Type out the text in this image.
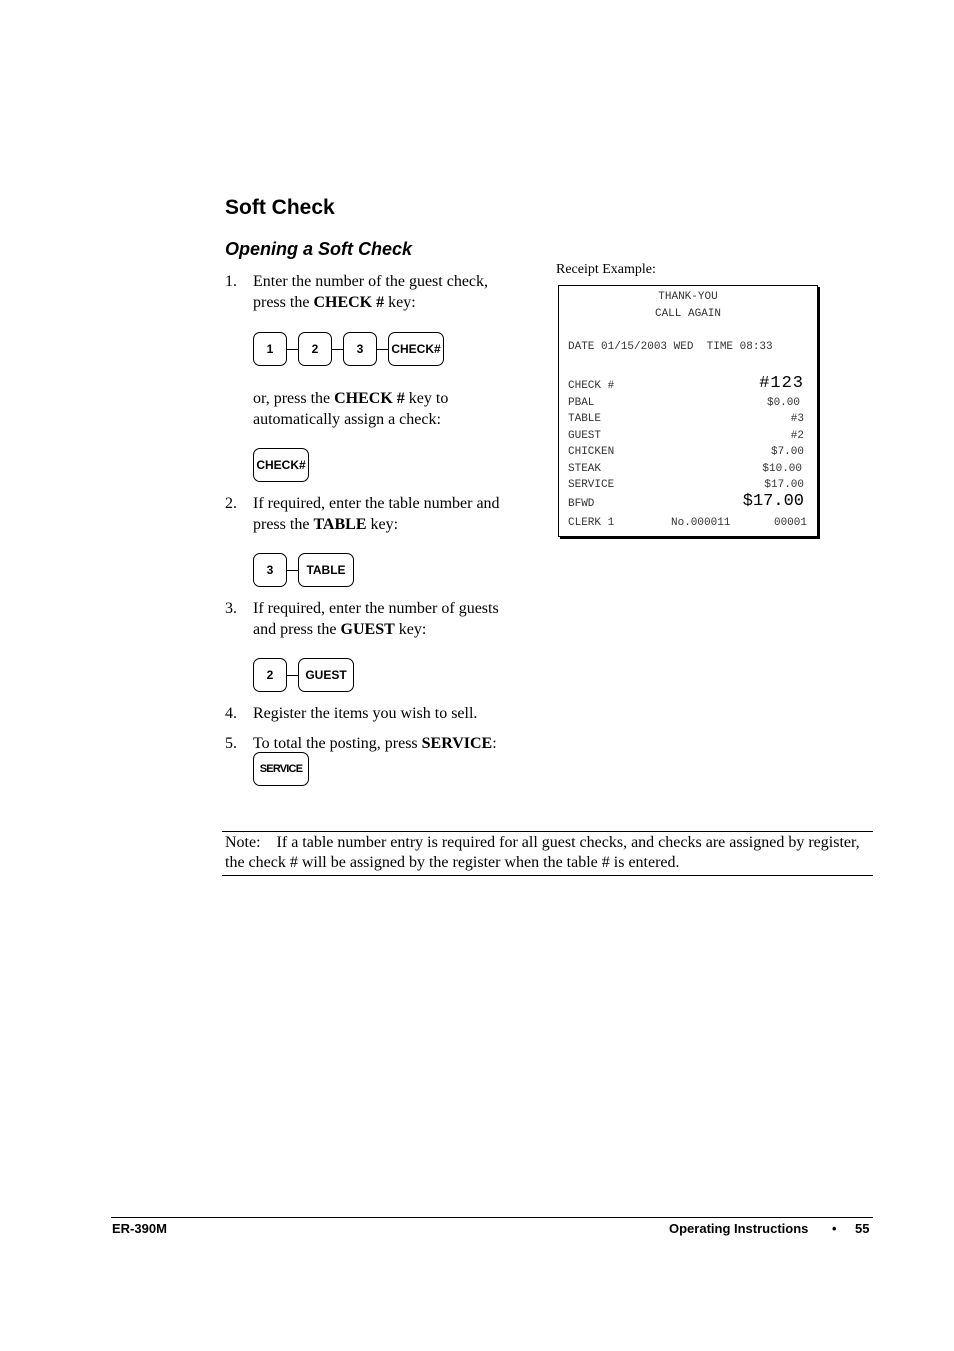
Soft Check
Opening a Soft Check
1. Enter the number of the guest check,
press the CHECK # key:
1	2	3	CHECK#
or, press the CHECK # key to
automatically assign a check:
CHECK#
2. If required, enter the table number and
press the TABLE key:
3	TABLE
3. If required, enter the number of guests
and press the GUEST key:
2	GUEST
4. Register the items you wish to sell.
5. To total the posting, press SERVICE:
SERVICE
Receipt Example:
THANK-YOU
CALL AGAIN
DATE 01/15/2003 WED  TIME 08:33
CHECK #	#123
PBAL	$0.00
TABLE	#3
GUEST	#2
CHICKEN	$7.00
STEAK	$10.00
SERVICE	$17.00
BFWD	$17.00
CLERK 1	No.000011	00001
Note: If a table number entry is required for all guest checks, and checks are assigned by register, the check # will be assigned by the register when the table # is entered.
ER-390M	Operating Instructions • 55
